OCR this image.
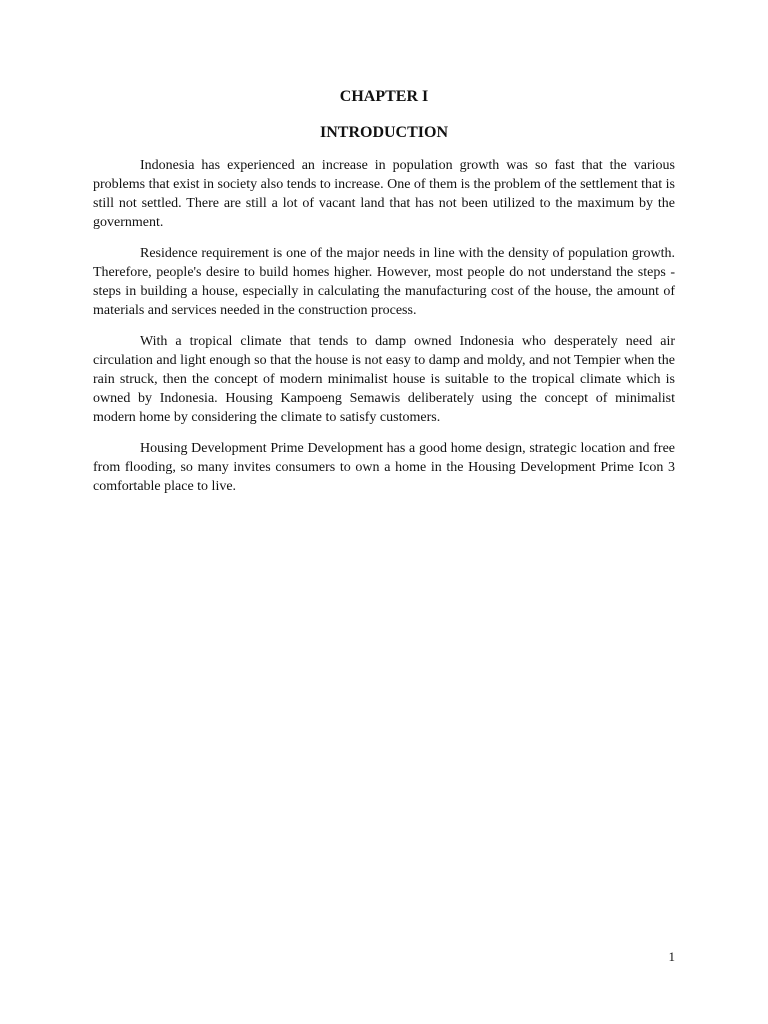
CHAPTER I
INTRODUCTION

Indonesia has experienced an increase in population growth was so fast that the various problems that exist in society also tends to increase. One of them is the problem of the settlement that is still not settled. There are still a lot of vacant land that has not been utilized to the maximum by the government.

Residence requirement is one of the major needs in line with the density of population growth. Therefore, people's desire to build homes higher. However, most people do not understand the steps - steps in building a house, especially in calculating the manufacturing cost of the house, the amount of materials and services needed in the construction process.

With a tropical climate that tends to damp owned Indonesia who desperately need air circulation and light enough so that the house is not easy to damp and moldy, and not Tempier when the rain struck, then the concept of modern minimalist house is suitable to the tropical climate which is owned by Indonesia. Housing Kampoeng Semawis deliberately using the concept of minimalist modern home by considering the climate to satisfy customers.

Housing Development Prime Development has a good home design, strategic location and free from flooding, so many invites consumers to own a home in the Housing Development Prime Icon 3 comfortable place to live.

1
